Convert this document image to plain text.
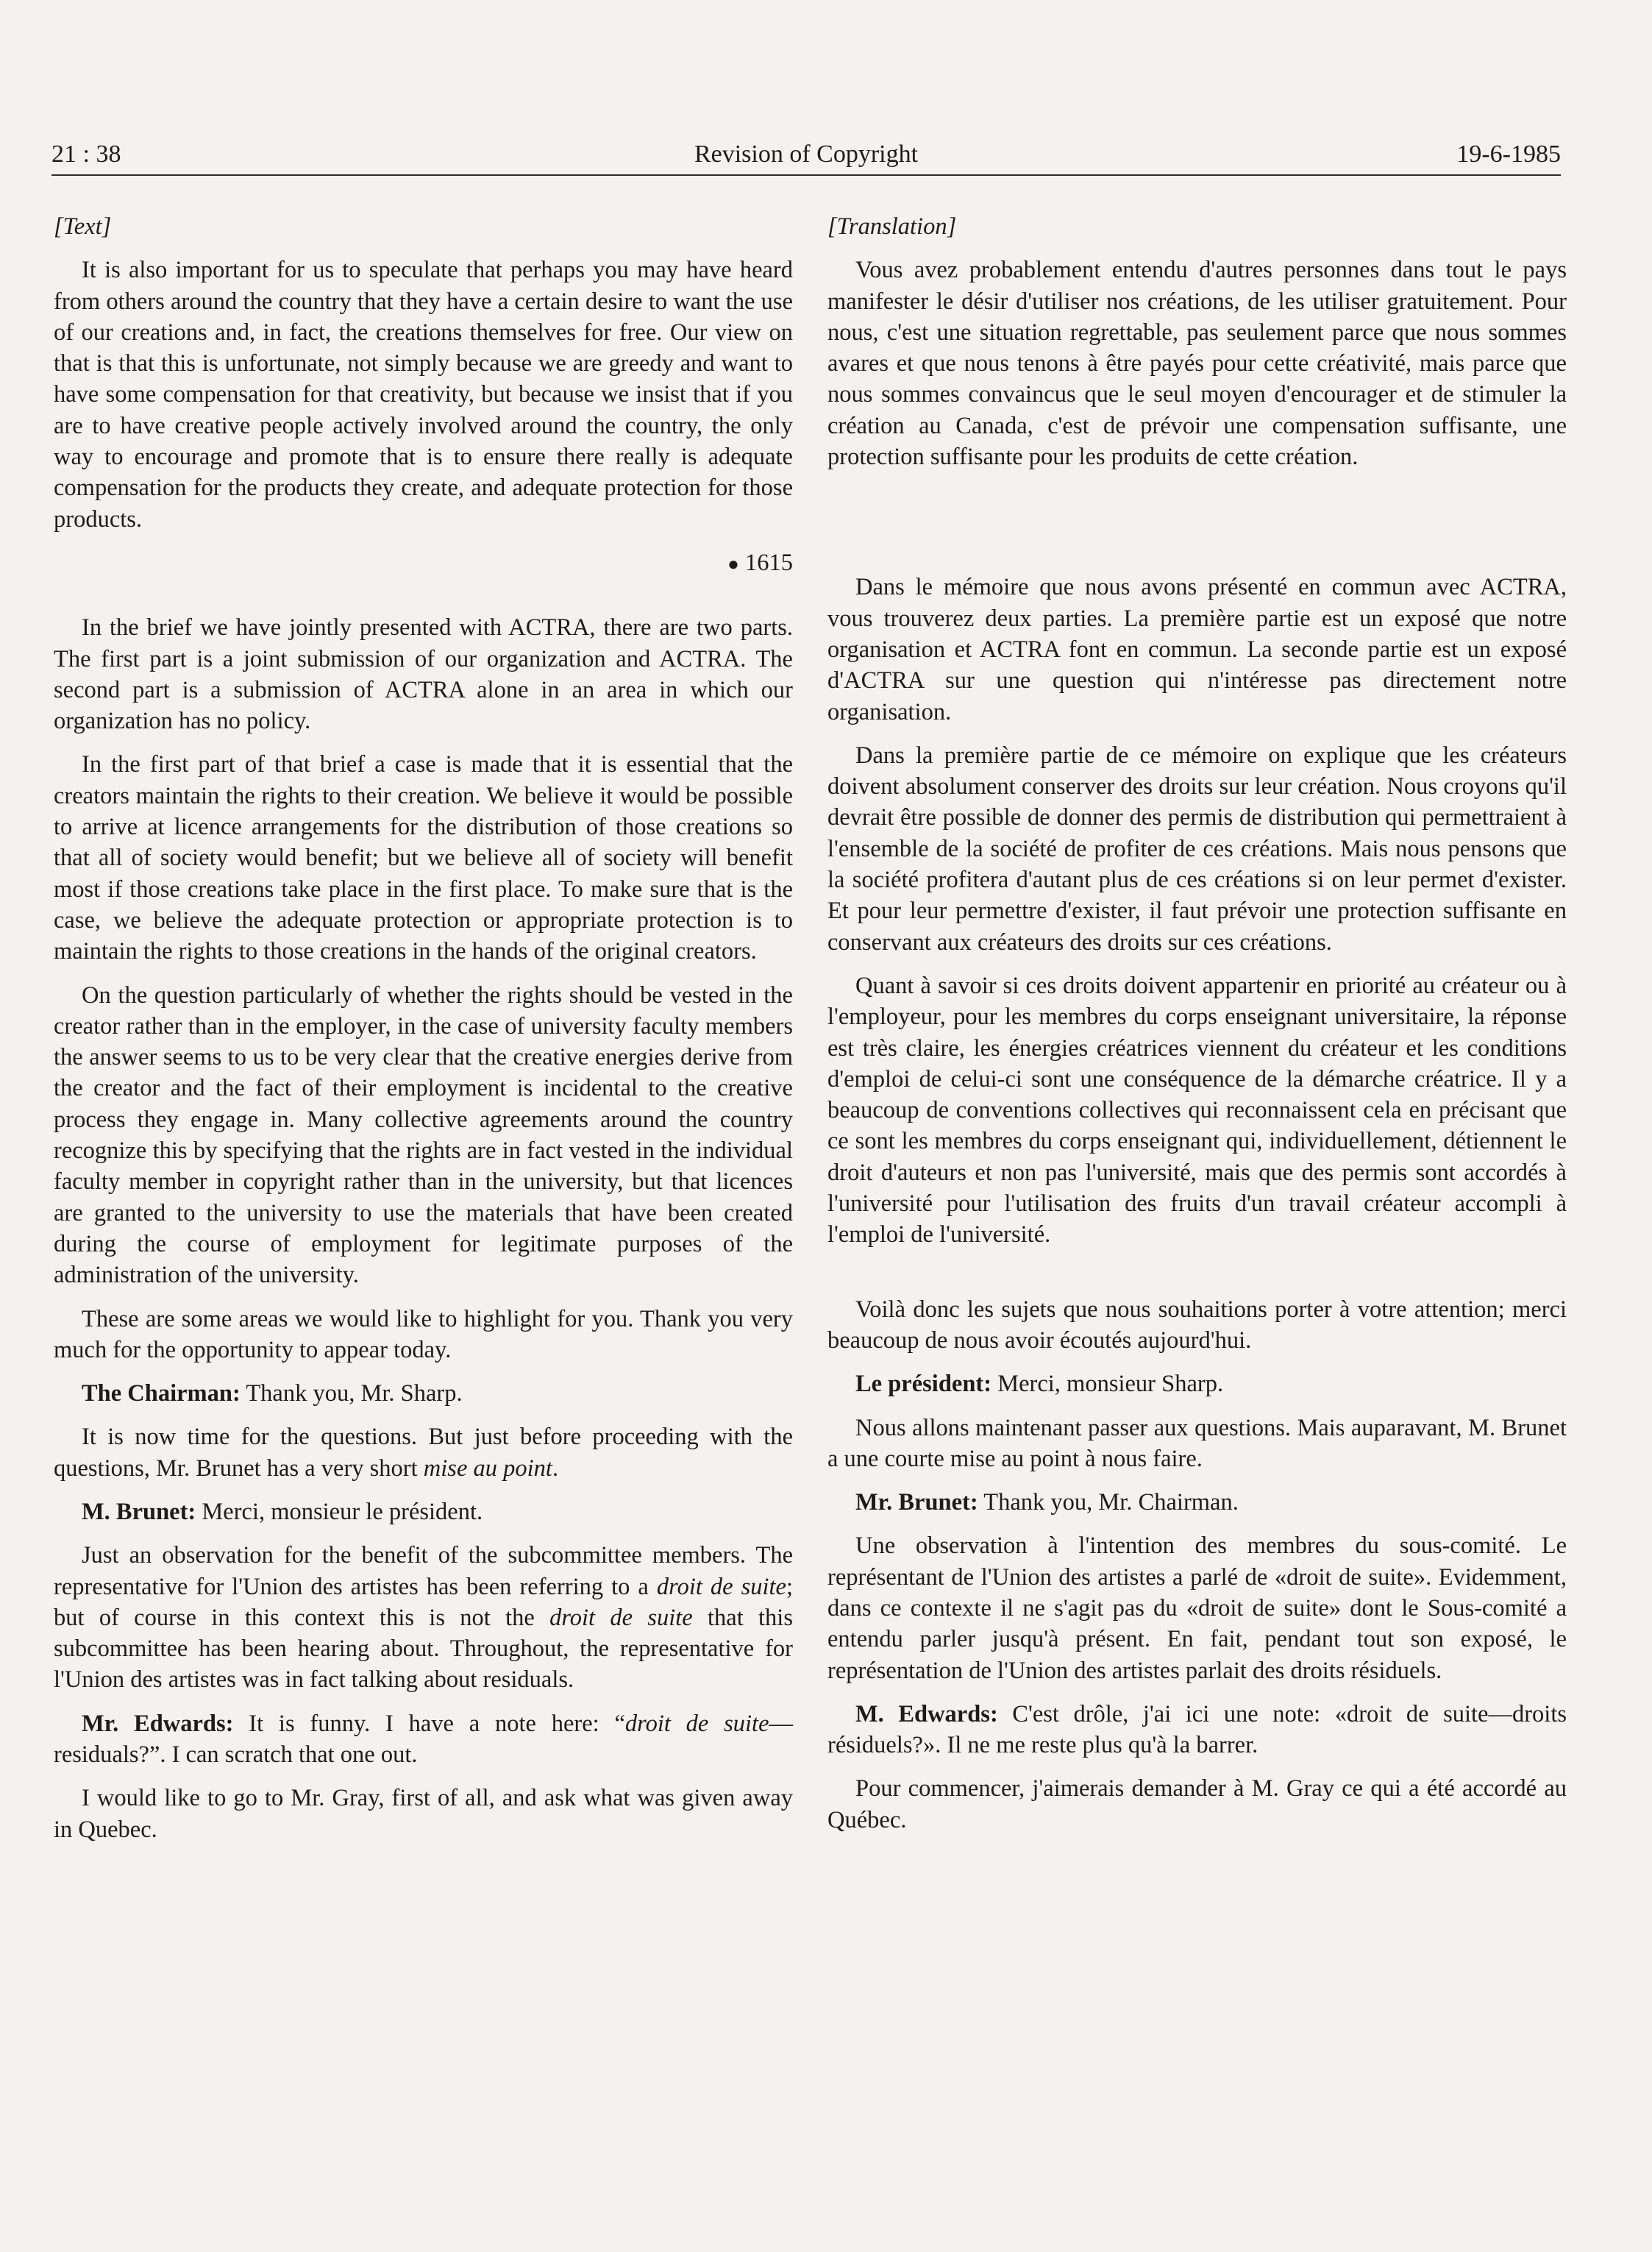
21 : 38	Revision of Copyright	19-6-1985

[Text]

It is also important for us to speculate that perhaps you may have heard from others around the country that they have a certain desire to want the use of our creations and, in fact, the creations themselves for free. Our view on that is that this is unfortunate, not simply because we are greedy and want to have some compensation for that creativity, but because we insist that if you are to have creative people actively involved around the country, the only way to encourage and promote that is to ensure there really is adequate compensation for the products they create, and adequate protection for those products.

● 1615

In the brief we have jointly presented with ACTRA, there are two parts. The first part is a joint submission of our organization and ACTRA. The second part is a submission of ACTRA alone in an area in which our organization has no policy.

In the first part of that brief a case is made that it is essential that the creators maintain the rights to their creation. We believe it would be possible to arrive at licence arrangements for the distribution of those creations so that all of society would benefit; but we believe all of society will benefit most if those creations take place in the first place. To make sure that is the case, we believe the adequate protection or appropriate protection is to maintain the rights to those creations in the hands of the original creators.

On the question particularly of whether the rights should be vested in the creator rather than in the employer, in the case of university faculty members the answer seems to us to be very clear that the creative energies derive from the creator and the fact of their employment is incidental to the creative process they engage in. Many collective agreements around the country recognize this by specifying that the rights are in fact vested in the individual faculty member in copyright rather than in the university, but that licences are granted to the university to use the materials that have been created during the course of employment for legitimate purposes of the administration of the university.

These are some areas we would like to highlight for you. Thank you very much for the opportunity to appear today.

The Chairman: Thank you, Mr. Sharp.

It is now time for the questions. But just before proceeding with the questions, Mr. Brunet has a very short mise au point.

M. Brunet: Merci, monsieur le président.

Just an observation for the benefit of the subcommittee members. The representative for l'Union des artistes has been referring to a droit de suite; but of course in this context this is not the droit de suite that this subcommittee has been hearing about. Throughout, the representative for l'Union des artistes was in fact talking about residuals.

Mr. Edwards: It is funny. I have a note here: “droit de suite—residuals?”. I can scratch that one out.

I would like to go to Mr. Gray, first of all, and ask what was given away in Quebec.

[Translation]

Vous avez probablement entendu d'autres personnes dans tout le pays manifester le désir d'utiliser nos créations, de les utiliser gratuitement. Pour nous, c'est une situation regrettable, pas seulement parce que nous sommes avares et que nous tenons à être payés pour cette créativité, mais parce que nous sommes convaincus que le seul moyen d'encourager et de stimuler la création au Canada, c'est de prévoir une compensation suffisante, une protection suffisante pour les produits de cette création.

Dans le mémoire que nous avons présenté en commun avec ACTRA, vous trouverez deux parties. La première partie est un exposé que notre organisation et ACTRA font en commun. La seconde partie est un exposé d'ACTRA sur une question qui n'intéresse pas directement notre organisation.

Dans la première partie de ce mémoire on explique que les créateurs doivent absolument conserver des droits sur leur création. Nous croyons qu'il devrait être possible de donner des permis de distribution qui permettraient à l'ensemble de la société de profiter de ces créations. Mais nous pensons que la société profitera d'autant plus de ces créations si on leur permet d'exister. Et pour leur permettre d'exister, il faut prévoir une protection suffisante en conservant aux créateurs des droits sur ces créations.

Quant à savoir si ces droits doivent appartenir en priorité au créateur ou à l'employeur, pour les membres du corps enseignant universitaire, la réponse est très claire, les énergies créatrices viennent du créateur et les conditions d'emploi de celui-ci sont une conséquence de la démarche créatrice. Il y a beaucoup de conventions collectives qui reconnaissent cela en précisant que ce sont les membres du corps enseignant qui, individuellement, détiennent le droit d'auteurs et non pas l'université, mais que des permis sont accordés à l'université pour l'utilisation des fruits d'un travail créateur accompli à l'emploi de l'université.

Voilà donc les sujets que nous souhaitions porter à votre attention; merci beaucoup de nous avoir écoutés aujourd'hui.

Le président: Merci, monsieur Sharp.

Nous allons maintenant passer aux questions. Mais auparavant, M. Brunet a une courte mise au point à nous faire.

Mr. Brunet: Thank you, Mr. Chairman.

Une observation à l'intention des membres du sous-comité. Le représentant de l'Union des artistes a parlé de «droit de suite». Evidemment, dans ce contexte il ne s'agit pas du «droit de suite» dont le Sous-comité a entendu parler jusqu'à présent. En fait, pendant tout son exposé, le représentation de l'Union des artistes parlait des droits résiduels.

M. Edwards: C'est drôle, j'ai ici une note: «droit de suite—droits résiduels?». Il ne me reste plus qu'à la barrer.

Pour commencer, j'aimerais demander à M. Gray ce qui a été accordé au Québec.
